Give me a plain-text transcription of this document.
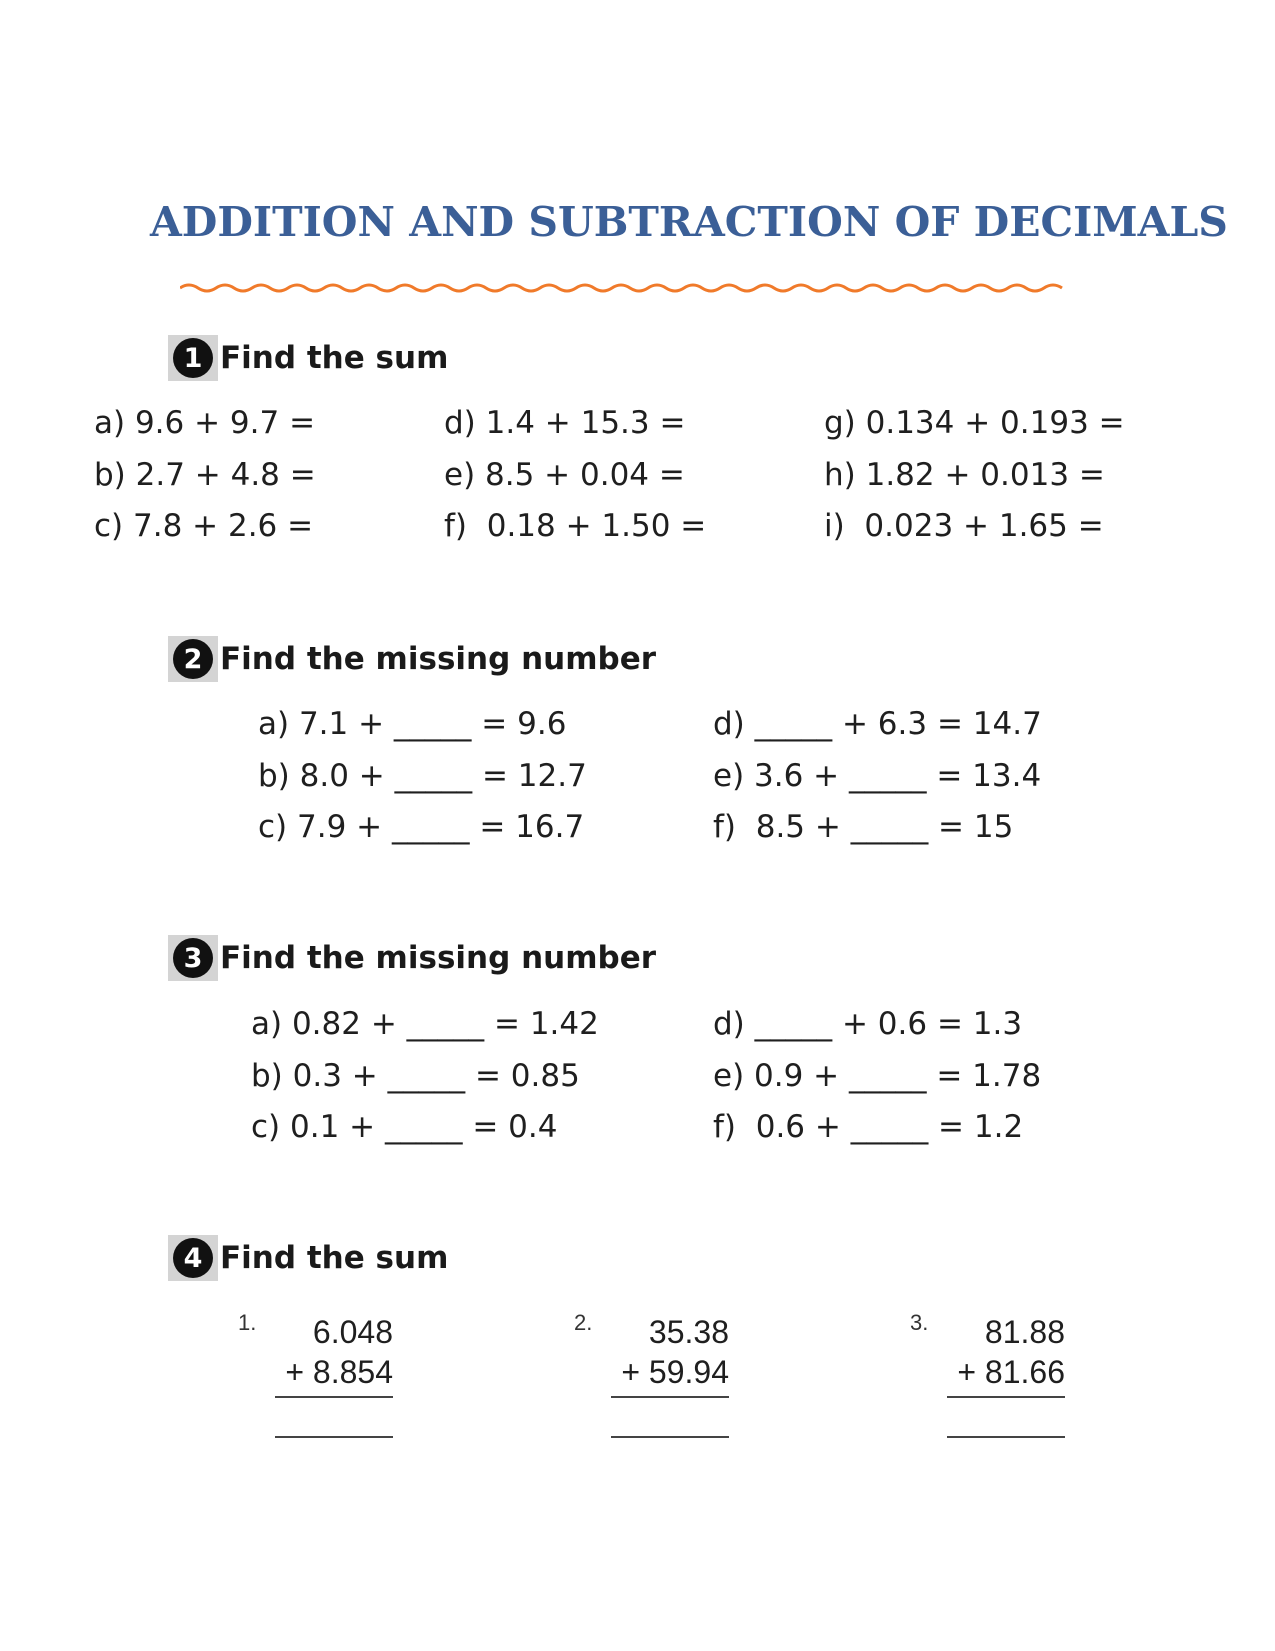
ADDITION AND SUBTRACTION OF DECIMALS
1 Find the sum
a) 9.6 + 9.7 =
b) 2.7 + 4.8 =
c) 7.8 + 2.6 =
d) 1.4 + 15.3 =
e) 8.5 + 0.04 =
f)  0.18 + 1.50 =
g) 0.134 + 0.193 =
h) 1.82 + 0.013 =
i)  0.023 + 1.65 =
2 Find the missing number
a) 7.1 + _____ = 9.6
b) 8.0 + _____ = 12.7
c) 7.9 + _____ = 16.7
d) _____ + 6.3 = 14.7
e) 3.6 + _____ = 13.4
f)  8.5 + _____ = 15
3 Find the missing number
a) 0.82 + _____ = 1.42
b) 0.3 + _____ = 0.85
c) 0.1 + _____ = 0.4
d) _____ + 0.6 = 1.3
e) 0.9 + _____ = 1.78
f)  0.6 + _____ = 1.2
4 Find the sum
1. 6.048
+ 8.854
2. 35.38
+ 59.94
3. 81.88
+ 81.66
